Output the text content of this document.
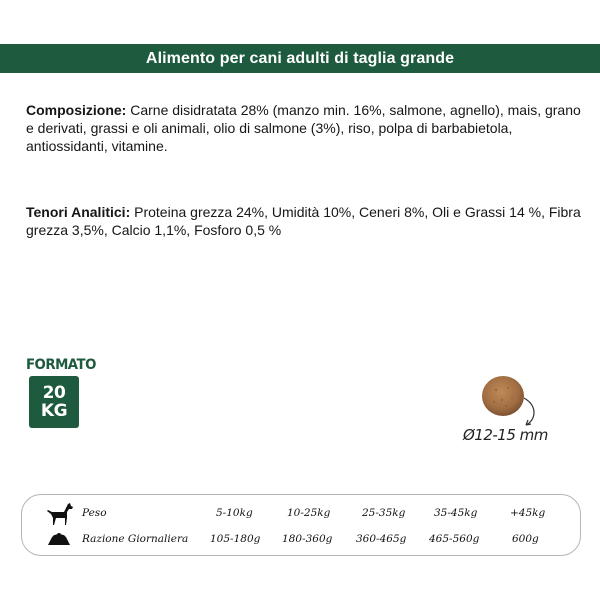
Alimento per cani adulti di taglia grande
Composizione: Carne disidratata 28% (manzo min. 16%, salmone, agnello), mais, grano e derivati, grassi e oli animali, olio di salmone (3%), riso, polpa di barbabietola, antiossidanti, vitamine.
Tenori Analitici: Proteina grezza 24%, Umidità 10%, Ceneri 8%, Oli e Grassi 14 %, Fibra grezza 3,5%, Calcio 1,1%, Fosforo 0,5 %
FORMATO
20
KG
Ø12-15 mm
Peso	5-10kg	10-25kg	25-35kg	35-45kg	+45kg
Razione Giornaliera 105-180g 180-360g 360-465g 465-560g	600g
